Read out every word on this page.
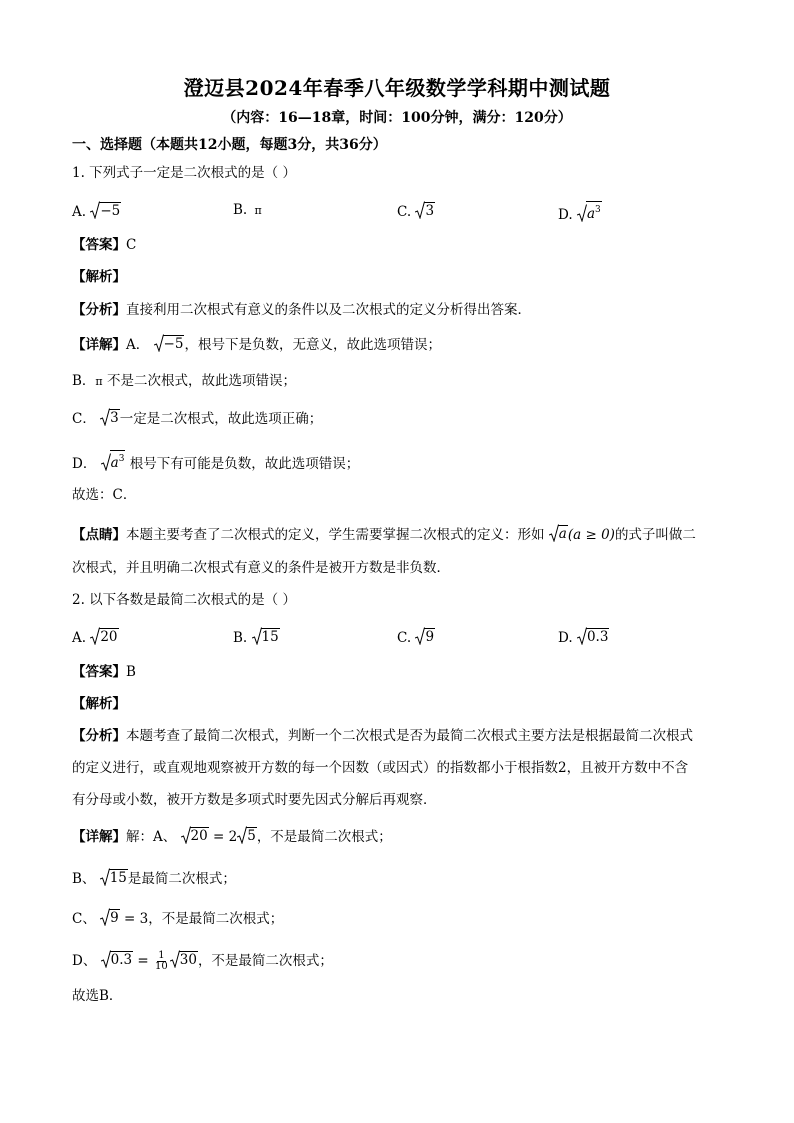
澄迈县2024年春季八年级数学学科期中测试题
（内容：16—18章，时间：100分钟，满分：120分）
一、选择题（本题共12小题，每题3分，共36分）
1. 下列式子一定是二次根式的是（ ）
A. −5	B. π	C. 3	D. $a^3$
【答案】C
【解析】
【分析】直接利用二次根式有意义的条件以及二次根式的定义分析得出答案．
【详解】A． −5 ，根号下是负数，无意义，故此选项错误；
B．π 不是二次根式，故此选项错误；
C． 3 一定是二次根式，故此选项正确；
D． $a^3$ 根号下有可能是负数，故此选项错误；
故选：C．
【点睛】本题主要考查了二次根式的定义，学生需要掌握二次根式的定义：形如 a (a ≥ 0)的式子叫做二
次根式，并且明确二次根式有意义的条件是被开方数是非负数．
2. 以下各数是最简二次根式的是（ ）
A. 20	B. 15	C. 9	D. 0.3
【答案】B
【解析】
【分析】本题考查了最简二次根式，判断一个二次根式是否为最简二次根式主要方法是根据最简二次根式
的定义进行，或直观地观察被开方数的每一个因数（或因式）的指数都小于根指数2，且被开方数中不含
有分母或小数，被开方数是多项式时要先因式分解后再观察．
【详解】解：A、 20 = 2 5 ，不是最简二次根式；
B、 15 是最简二次根式；
C、 9 = 3，不是最简二次根式；
D、 $0.3 = \frac{1}{10} 30$ ，不是最简二次根式；
故选B．
